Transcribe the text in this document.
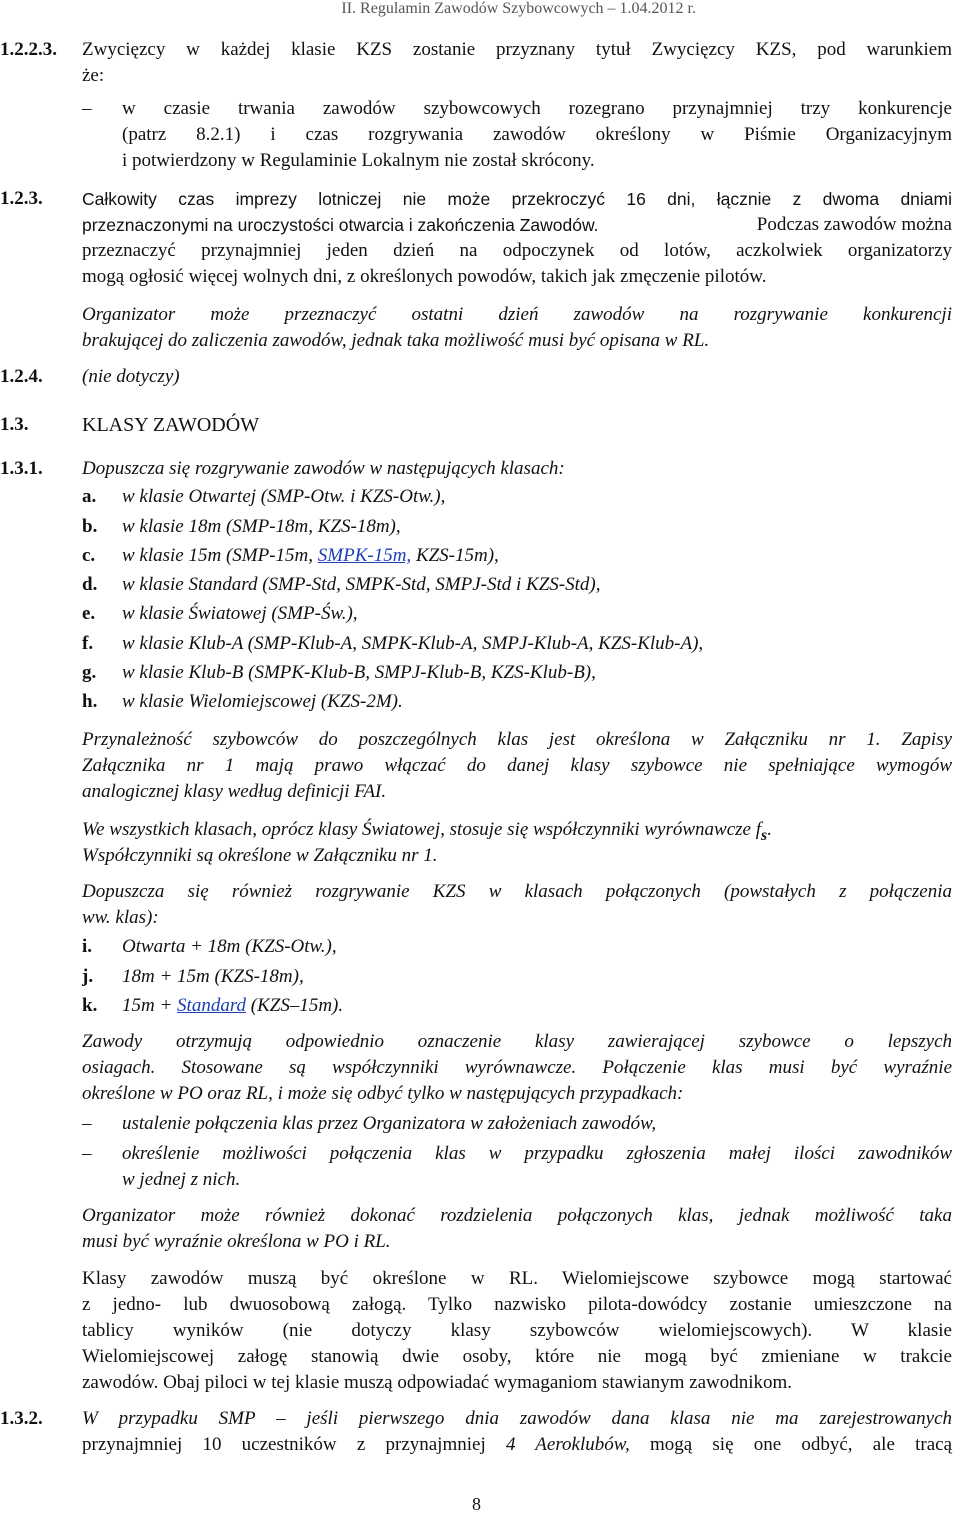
II. Regulamin Zawodów Szybowcowych – 1.04.2012 r.
1.2.2.3. Zwycięzcy w każdej klasie KZS zostanie przyznany tytuł Zwycięzcy KZS, pod warunkiem
że:
– w czasie trwania zawodów szybowcowych rozegrano przynajmniej trzy konkurencje
(patrz 8.2.1) i czas rozgrywania zawodów określony w Piśmie Organizacyjnym
i potwierdzony w Regulaminie Lokalnym nie został skrócony.
1.2.3. Całkowity czas imprezy lotniczej nie może przekroczyć 16 dni, łącznie z dwoma dniami
przeznaczonymi na uroczystości otwarcia i zakończenia Zawodów.	Podczas zawodów można
przeznaczyć przynajmniej jeden dzień na odpoczynek od lotów, aczkolwiek organizatorzy
mogą ogłosić więcej wolnych dni, z określonych powodów, takich jak zmęczenie pilotów.
Organizator może przeznaczyć ostatni dzień zawodów na rozgrywanie konkurencji
brakującej do zaliczenia zawodów, jednak taka możliwość musi być opisana w RL.
1.2.4. (nie dotyczy)
1.3.	KLASY ZAWODÓW
1.3.1. Dopuszcza się rozgrywanie zawodów w następujących klasach:
a. w klasie Otwartej (SMP-Otw. i KZS-Otw.),
b. w klasie 18m (SMP-18m, KZS-18m),
c. w klasie 15m (SMP-15m, SMPK-15m, KZS-15m),
d. w klasie Standard (SMP-Std, SMPK-Std, SMPJ-Std i KZS-Std),
e. w klasie Światowej (SMP-Św.),
f. w klasie Klub-A (SMP-Klub-A, SMPK-Klub-A, SMPJ-Klub-A, KZS-Klub-A),
g. w klasie Klub-B (SMPK-Klub-B, SMPJ-Klub-B, KZS-Klub-B),
h. w klasie Wielomiejscowej (KZS-2M).
Przynależność szybowców do poszczególnych klas jest określona w Załączniku nr 1. Zapisy
Załącznika nr 1 mają prawo włączać do danej klasy szybowce nie spełniające wymogów
analogicznej klasy według definicji FAI.
We wszystkich klasach, oprócz klasy Światowej, stosuje się współczynniki wyrównawcze $f_s$.
Współczynniki są określone w Załączniku nr 1.
Dopuszcza się również rozgrywanie KZS w klasach połączonych (powstałych z połączenia
ww. klas):
i. Otwarta + 18m (KZS-Otw.),
j. 18m + 15m (KZS-18m),
k. 15m + Standard (KZS–15m).
Zawody otrzymują odpowiednio oznaczenie klasy zawierającej szybowce o lepszych
osiagach. Stosowane są współczynniki wyrównawcze. Połączenie klas musi być wyraźnie
określone w PO oraz RL, i może się odbyć tylko w następujących przypadkach:
– ustalenie połączenia klas przez Organizatora w założeniach zawodów,
– określenie możliwości połączenia klas w przypadku zgłoszenia małej ilości zawodników
w jednej z nich.
Organizator może również dokonać rozdzielenia połączonych klas, jednak możliwość taka
musi być wyraźnie określona w PO i RL.
Klasy zawodów muszą być określone w RL. Wielomiejscowe szybowce mogą startować
z jedno- lub dwuosobową załogą. Tylko nazwisko pilota-dowódcy zostanie umieszczone na
tablicy wyników (nie dotyczy klasy szybowców wielomiejscowych). W klasie
Wielomiejscowej załogę stanowią dwie osoby, które nie mogą być zmieniane w trakcie
zawodów. Obaj piloci w tej klasie muszą odpowiadać wymaganiom stawianym zawodnikom.
1.3.2. W przypadku SMP – jeśli pierwszego dnia zawodów dana klasa nie ma zarejestrowanych
przynajmniej 10 uczestników z przynajmniej 4 Aeroklubów, mogą się one odbyć, ale tracą
8
